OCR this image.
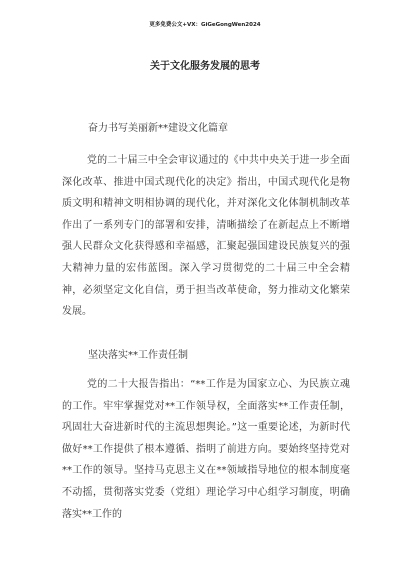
更多免费公文+VX：GiGeGongWen2024
关于文化服务发展的思考
奋力书写美丽新**建设文化篇章

党的二十届三中全会审议通过的《中共中央关于进一步全面深化改革、推进中国式现代化的决定》指出，中国式现代化是物质文明和精神文明相协调的现代化，并对深化文化体制机制改革作出了一系列专门的部署和安排，清晰描绘了在新起点上不断增强人民群众文化获得感和幸福感，汇聚起强国建设民族复兴的强大精神力量的宏伟蓝图。深入学习贯彻党的二十届三中全会精神，必须坚定文化自信，勇于担当改革使命，努力推动文化繁荣发展。

坚决落实**工作责任制

党的二十大报告指出：“**工作是为国家立心、为民族立魂的工作。牢牢掌握党对**工作领导权，全面落实**工作责任制，巩固壮大奋进新时代的主流思想舆论。”这一重要论述，为新时代做好**工作提供了根本遵循、指明了前进方向。要始终坚持党对**工作的领导。坚持马克思主义在**领域指导地位的根本制度毫不动摇，贯彻落实党委（党组）理论学习中心组学习制度，明确落实**工作的
